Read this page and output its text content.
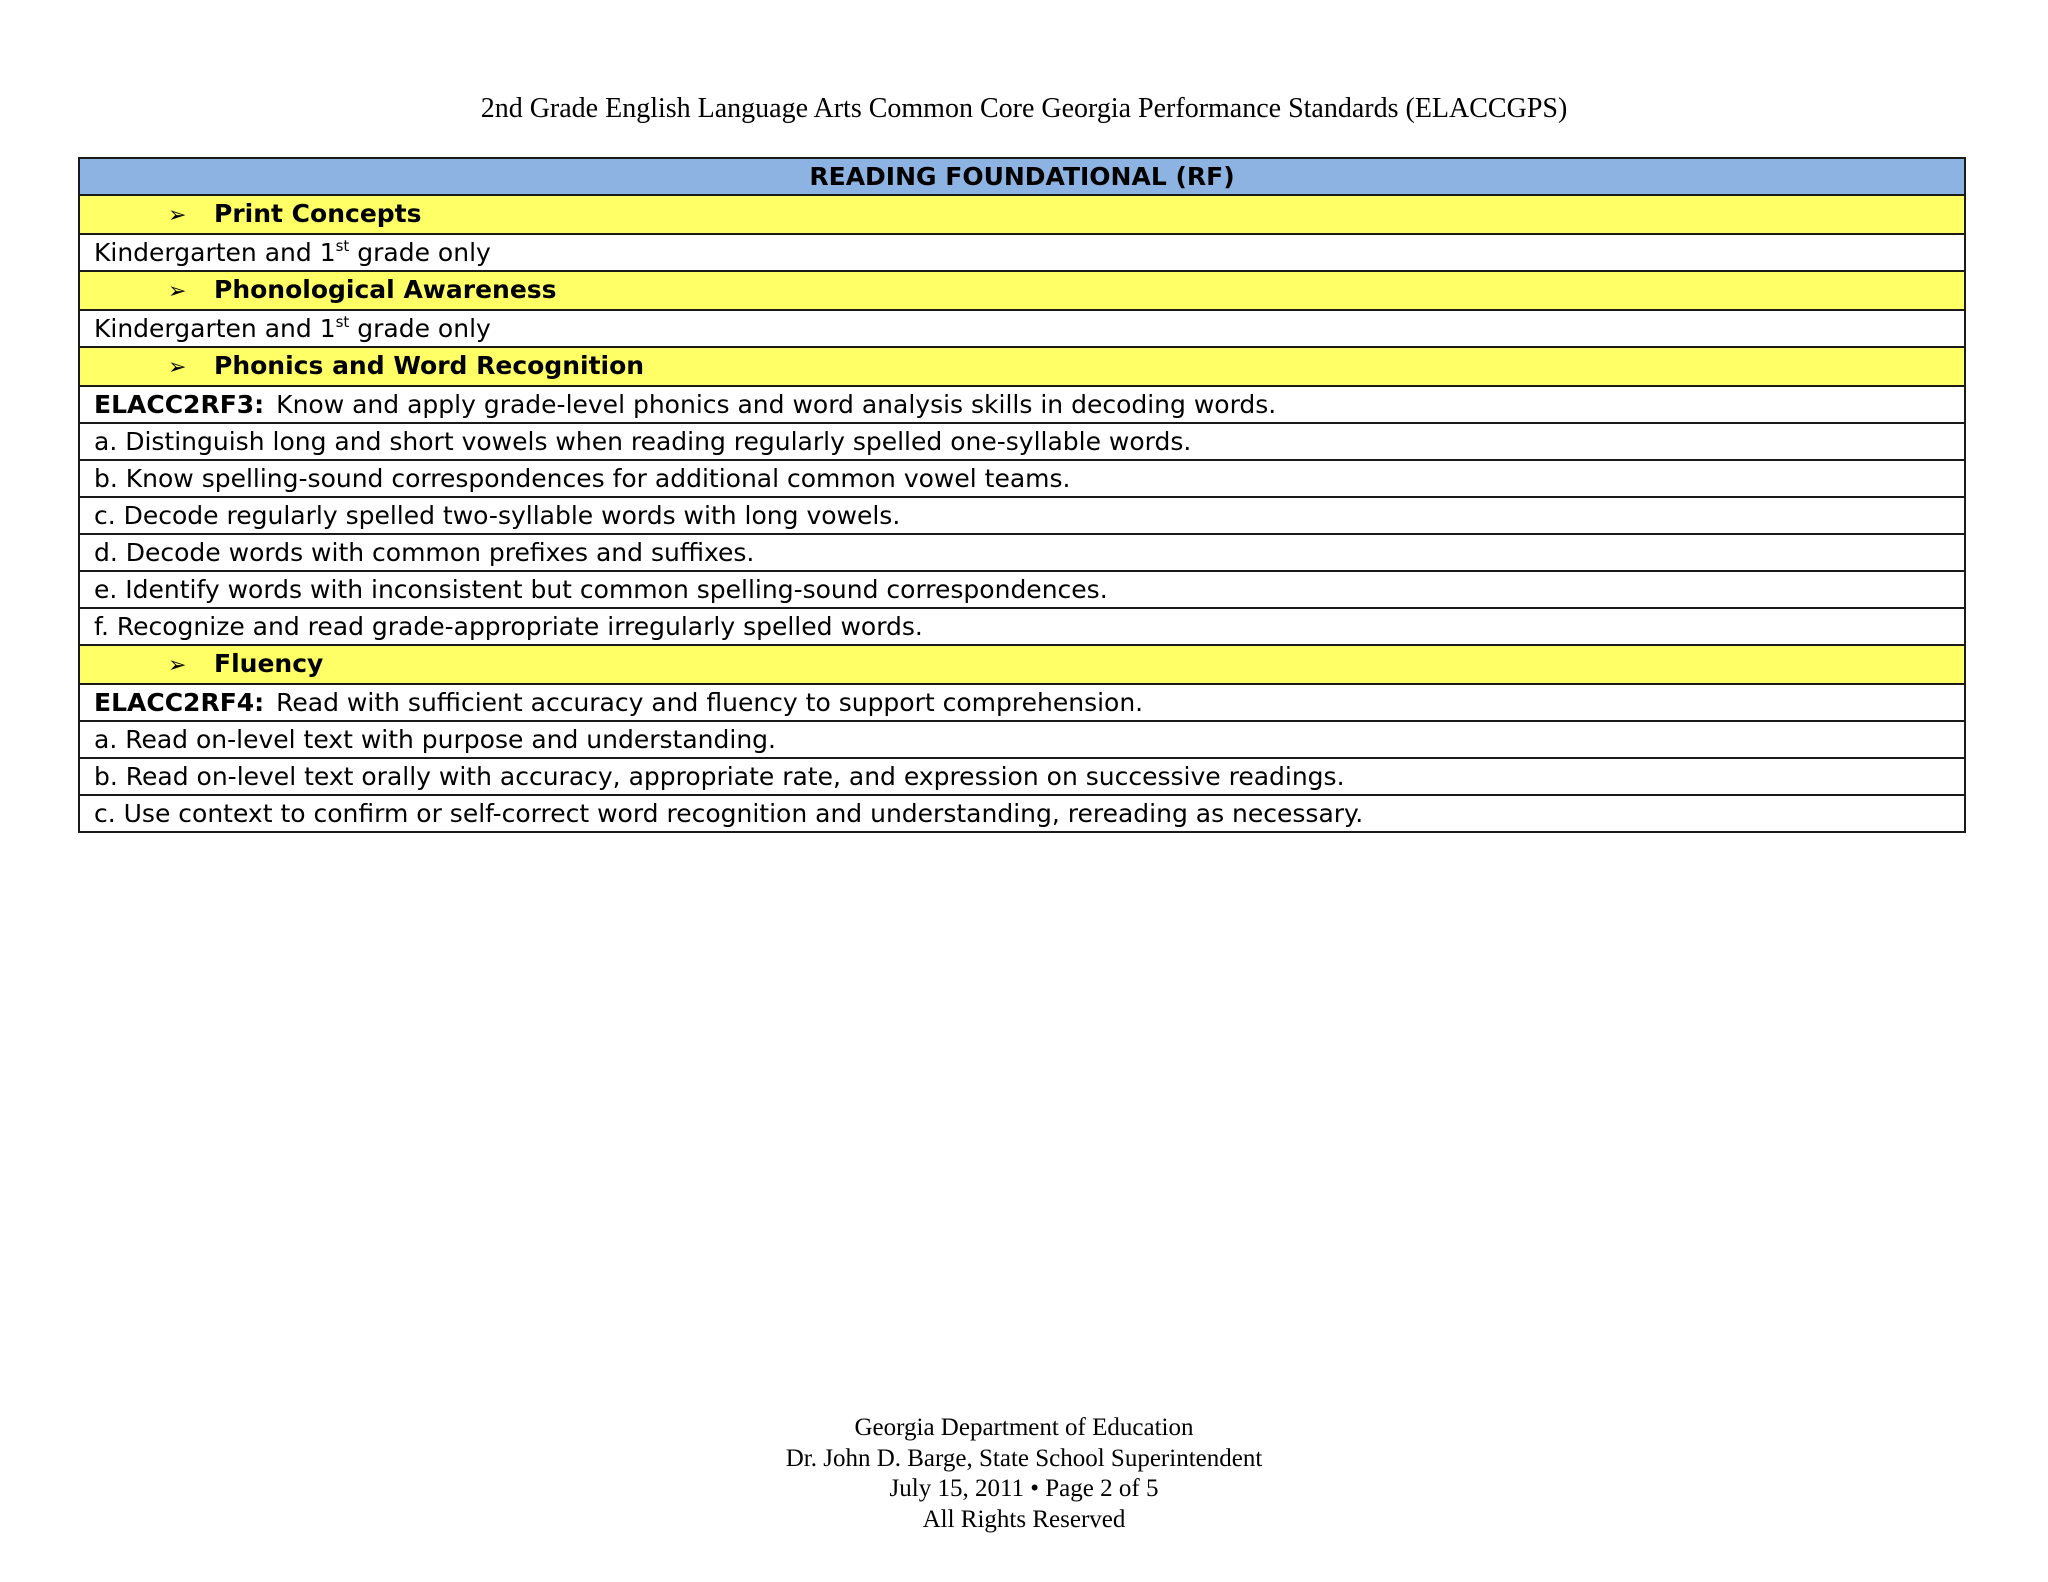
2nd Grade English Language Arts Common Core Georgia Performance Standards (ELACCGPS)
READING FOUNDATIONAL (RF)
➢ Print Concepts
Kindergarten and 1st grade only
➢ Phonological Awareness
Kindergarten and 1st grade only
➢ Phonics and Word Recognition
ELACC2RF3: Know and apply grade-level phonics and word analysis skills in decoding words.
a. Distinguish long and short vowels when reading regularly spelled one-syllable words.
b. Know spelling-sound correspondences for additional common vowel teams.
c. Decode regularly spelled two-syllable words with long vowels.
d. Decode words with common prefixes and suffixes.
e. Identify words with inconsistent but common spelling-sound correspondences.
f. Recognize and read grade-appropriate irregularly spelled words.
➢ Fluency
ELACC2RF4: Read with sufficient accuracy and fluency to support comprehension.
a. Read on-level text with purpose and understanding.
b. Read on-level text orally with accuracy, appropriate rate, and expression on successive readings.
c. Use context to confirm or self-correct word recognition and understanding, rereading as necessary.
Georgia Department of Education
Dr. John D. Barge, State School Superintendent
July 15, 2011 • Page 2 of 5
All Rights Reserved
